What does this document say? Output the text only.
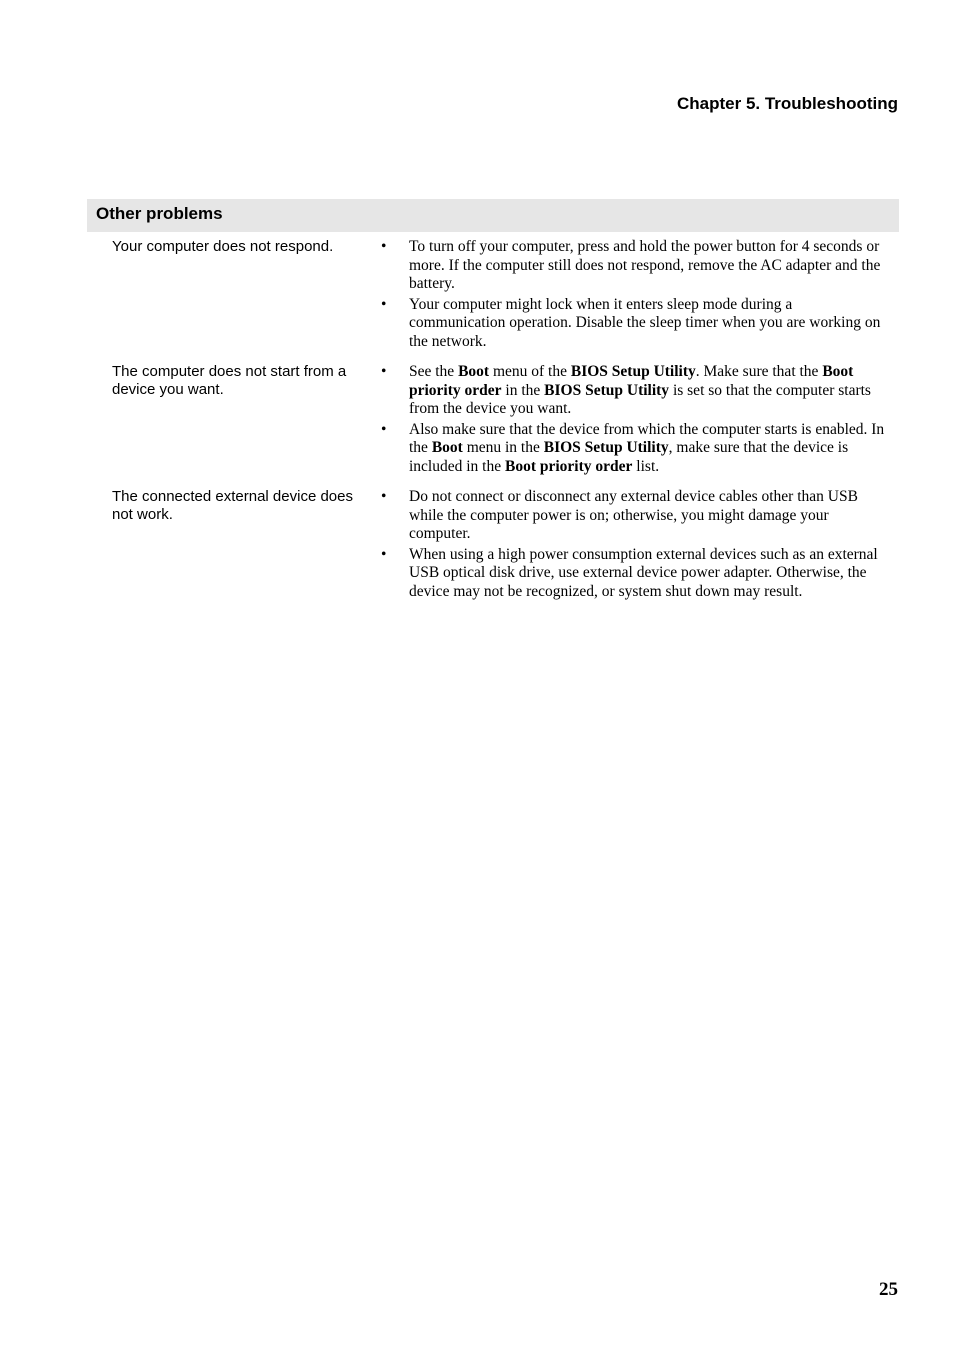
Chapter 5. Troubleshooting
Other problems
Your computer does not respond.	• To turn off your computer, press and hold the power button for 4 seconds or more. If the computer still does not respond, remove the AC adapter and the battery.
• Your computer might lock when it enters sleep mode during a communication operation. Disable the sleep timer when you are working on the network.
The computer does not start from a device you want.
• See the Boot menu of the BIOS Setup Utility. Make sure that the Boot priority order in the BIOS Setup Utility is set so that the computer starts from the device you want.
• Also make sure that the device from which the computer starts is enabled. In the Boot menu in the BIOS Setup Utility, make sure that the device is included in the Boot priority order list.
The connected external device does not work.
• Do not connect or disconnect any external device cables other than USB while the computer power is on; otherwise, you might damage your computer.
• When using a high power consumption external devices such as an external USB optical disk drive, use external device power adapter. Otherwise, the device may not be recognized, or system shut down may result.
25
